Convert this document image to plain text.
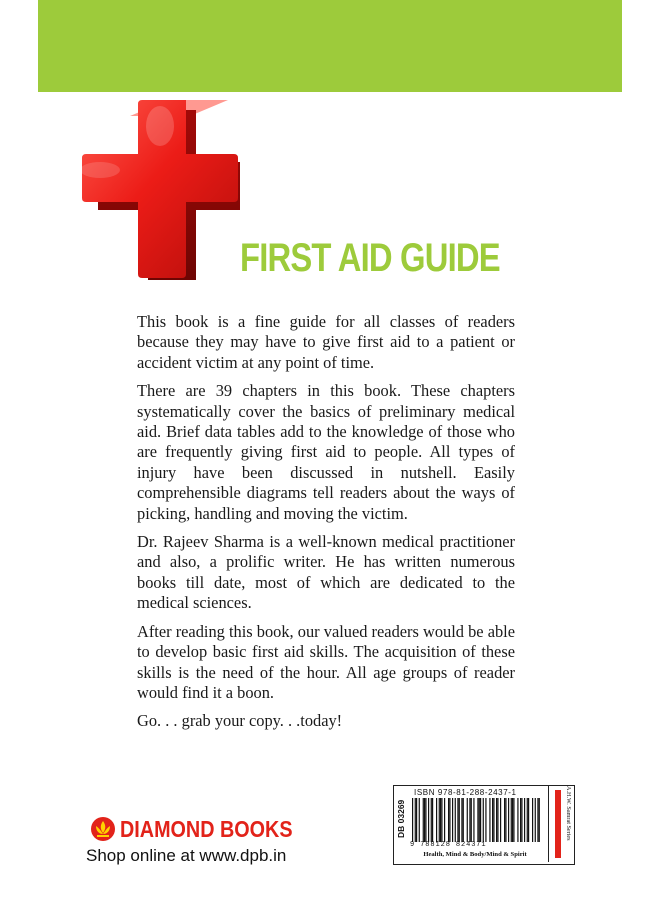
FIRST AID GUIDE

This book is a fine guide for all classes of readers because they may have to give first aid to a patient or accident victim at any point of time.

There are 39 chapters in this book. These chapters systematically cover the basics of preliminary medical aid. Brief data tables add to the knowledge of those who are frequently giving first aid to people. All types of injury have been discussed in nutshell. Easily comprehensible diagrams tell readers about the ways of picking, handling and moving the victim.

Dr. Rajeev Sharma is a well-known medical practitioner and also, a prolific writer. He has written numerous books till date, most of which are dedicated to the medical sciences.

After reading this book, our valued readers would be able to develop basic first aid skills. The acquisition of these skills is the need of the hour. All age groups of reader would find it a boon.

Go. . . grab your copy. . .today!

DIAMOND BOOKS
Shop online at www.dpb.in
DB 03269
ISBN 978-81-288-2437-1
9 788128 824371
Health, Mind & Body/Mind & Spirit
A.H.W. Samrat Series
